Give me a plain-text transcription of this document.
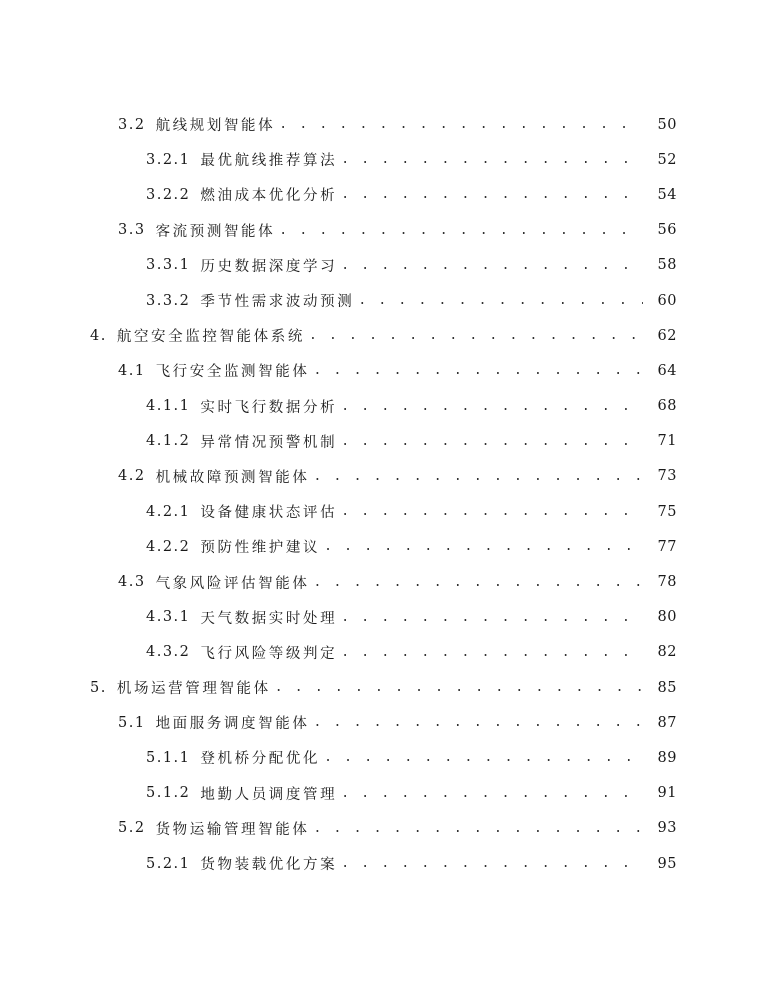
3.2 航线规划智能体 . . .	50
3.2.1 最优航线推荐算法 . . .	52
3.2.2 燃油成本优化分析 . . .	54
3.3 客流预测智能体 . . .	56
3.3.1 历史数据深度学习 . . .	58
3.3.2 季节性需求波动预测 . . .	60
4. 航空安全监控智能体系统 . . .	62
4.1 飞行安全监测智能体 . . .	64
4.1.1 实时飞行数据分析 . . .	68
4.1.2 异常情况预警机制 . . .	71
4.2 机械故障预测智能体 . . .	73
4.2.1 设备健康状态评估 . . .	75
4.2.2 预防性维护建议 . . .	77
4.3 气象风险评估智能体 . . .	78
4.3.1 天气数据实时处理 . . .	80
4.3.2 飞行风险等级判定 . . .	82
5. 机场运营管理智能体 . . .	85
5.1 地面服务调度智能体 . . .	87
5.1.1 登机桥分配优化 . . .	89
5.1.2 地勤人员调度管理 . . .	91
5.2 货物运输管理智能体 . . .	93
5.2.1 货物装载优化方案 . . .	95
